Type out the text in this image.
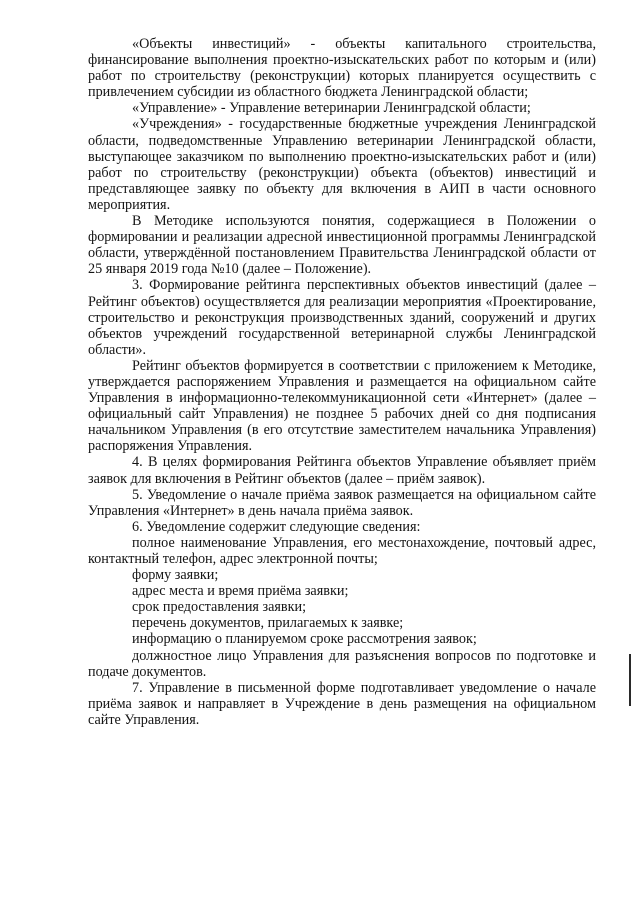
«Объекты инвестиций» - объекты капитального строительства, финансирование выполнения проектно-изыскательских работ по которым и (или) работ по строительству (реконструкции) которых планируется осуществить с привлечением субсидии из областного бюджета Ленинградской области;

«Управление» - Управление ветеринарии Ленинградской области;

«Учреждения» - государственные бюджетные учреждения Ленинградской области, подведомственные Управлению ветеринарии Ленинградской области, выступающее заказчиком по выполнению проектно-изыскательских работ и (или) работ по строительству (реконструкции) объекта (объектов) инвестиций и представляющее заявку по объекту для включения в АИП в части основного мероприятия.

В Методике используются понятия, содержащиеся в Положении о формировании и реализации адресной инвестиционной программы Ленинградской области, утверждённой постановлением Правительства Ленинградской области от 25 января 2019 года №10 (далее – Положение).

3. Формирование рейтинга перспективных объектов инвестиций (далее – Рейтинг объектов) осуществляется для реализации мероприятия «Проектирование, строительство и реконструкция производственных зданий, сооружений и других объектов учреждений государственной ветеринарной службы Ленинградской области».

Рейтинг объектов формируется в соответствии с приложением к Методике, утверждается распоряжением Управления и размещается на официальном сайте Управления в информационно-телекоммуникационной сети «Интернет» (далее – официальный сайт Управления) не позднее 5 рабочих дней со дня подписания начальником Управления (в его отсутствие заместителем начальника Управления) распоряжения Управления.

4. В целях формирования Рейтинга объектов Управление объявляет приём заявок для включения в Рейтинг объектов (далее – приём заявок).

5. Уведомление о начале приёма заявок размещается на официальном сайте Управления «Интернет» в день начала приёма заявок.

6. Уведомление содержит следующие сведения:

полное наименование Управления, его местонахождение, почтовый адрес, контактный телефон, адрес электронной почты;

форму заявки;

адрес места и время приёма заявки;

срок предоставления заявки;

перечень документов, прилагаемых к заявке;

информацию о планируемом сроке рассмотрения заявок;

должностное лицо Управления для разъяснения вопросов по подготовке и подаче документов.

7. Управление в письменной форме подготавливает уведомление о начале приёма заявок и направляет в Учреждение в день размещения на официальном сайте Управления.
